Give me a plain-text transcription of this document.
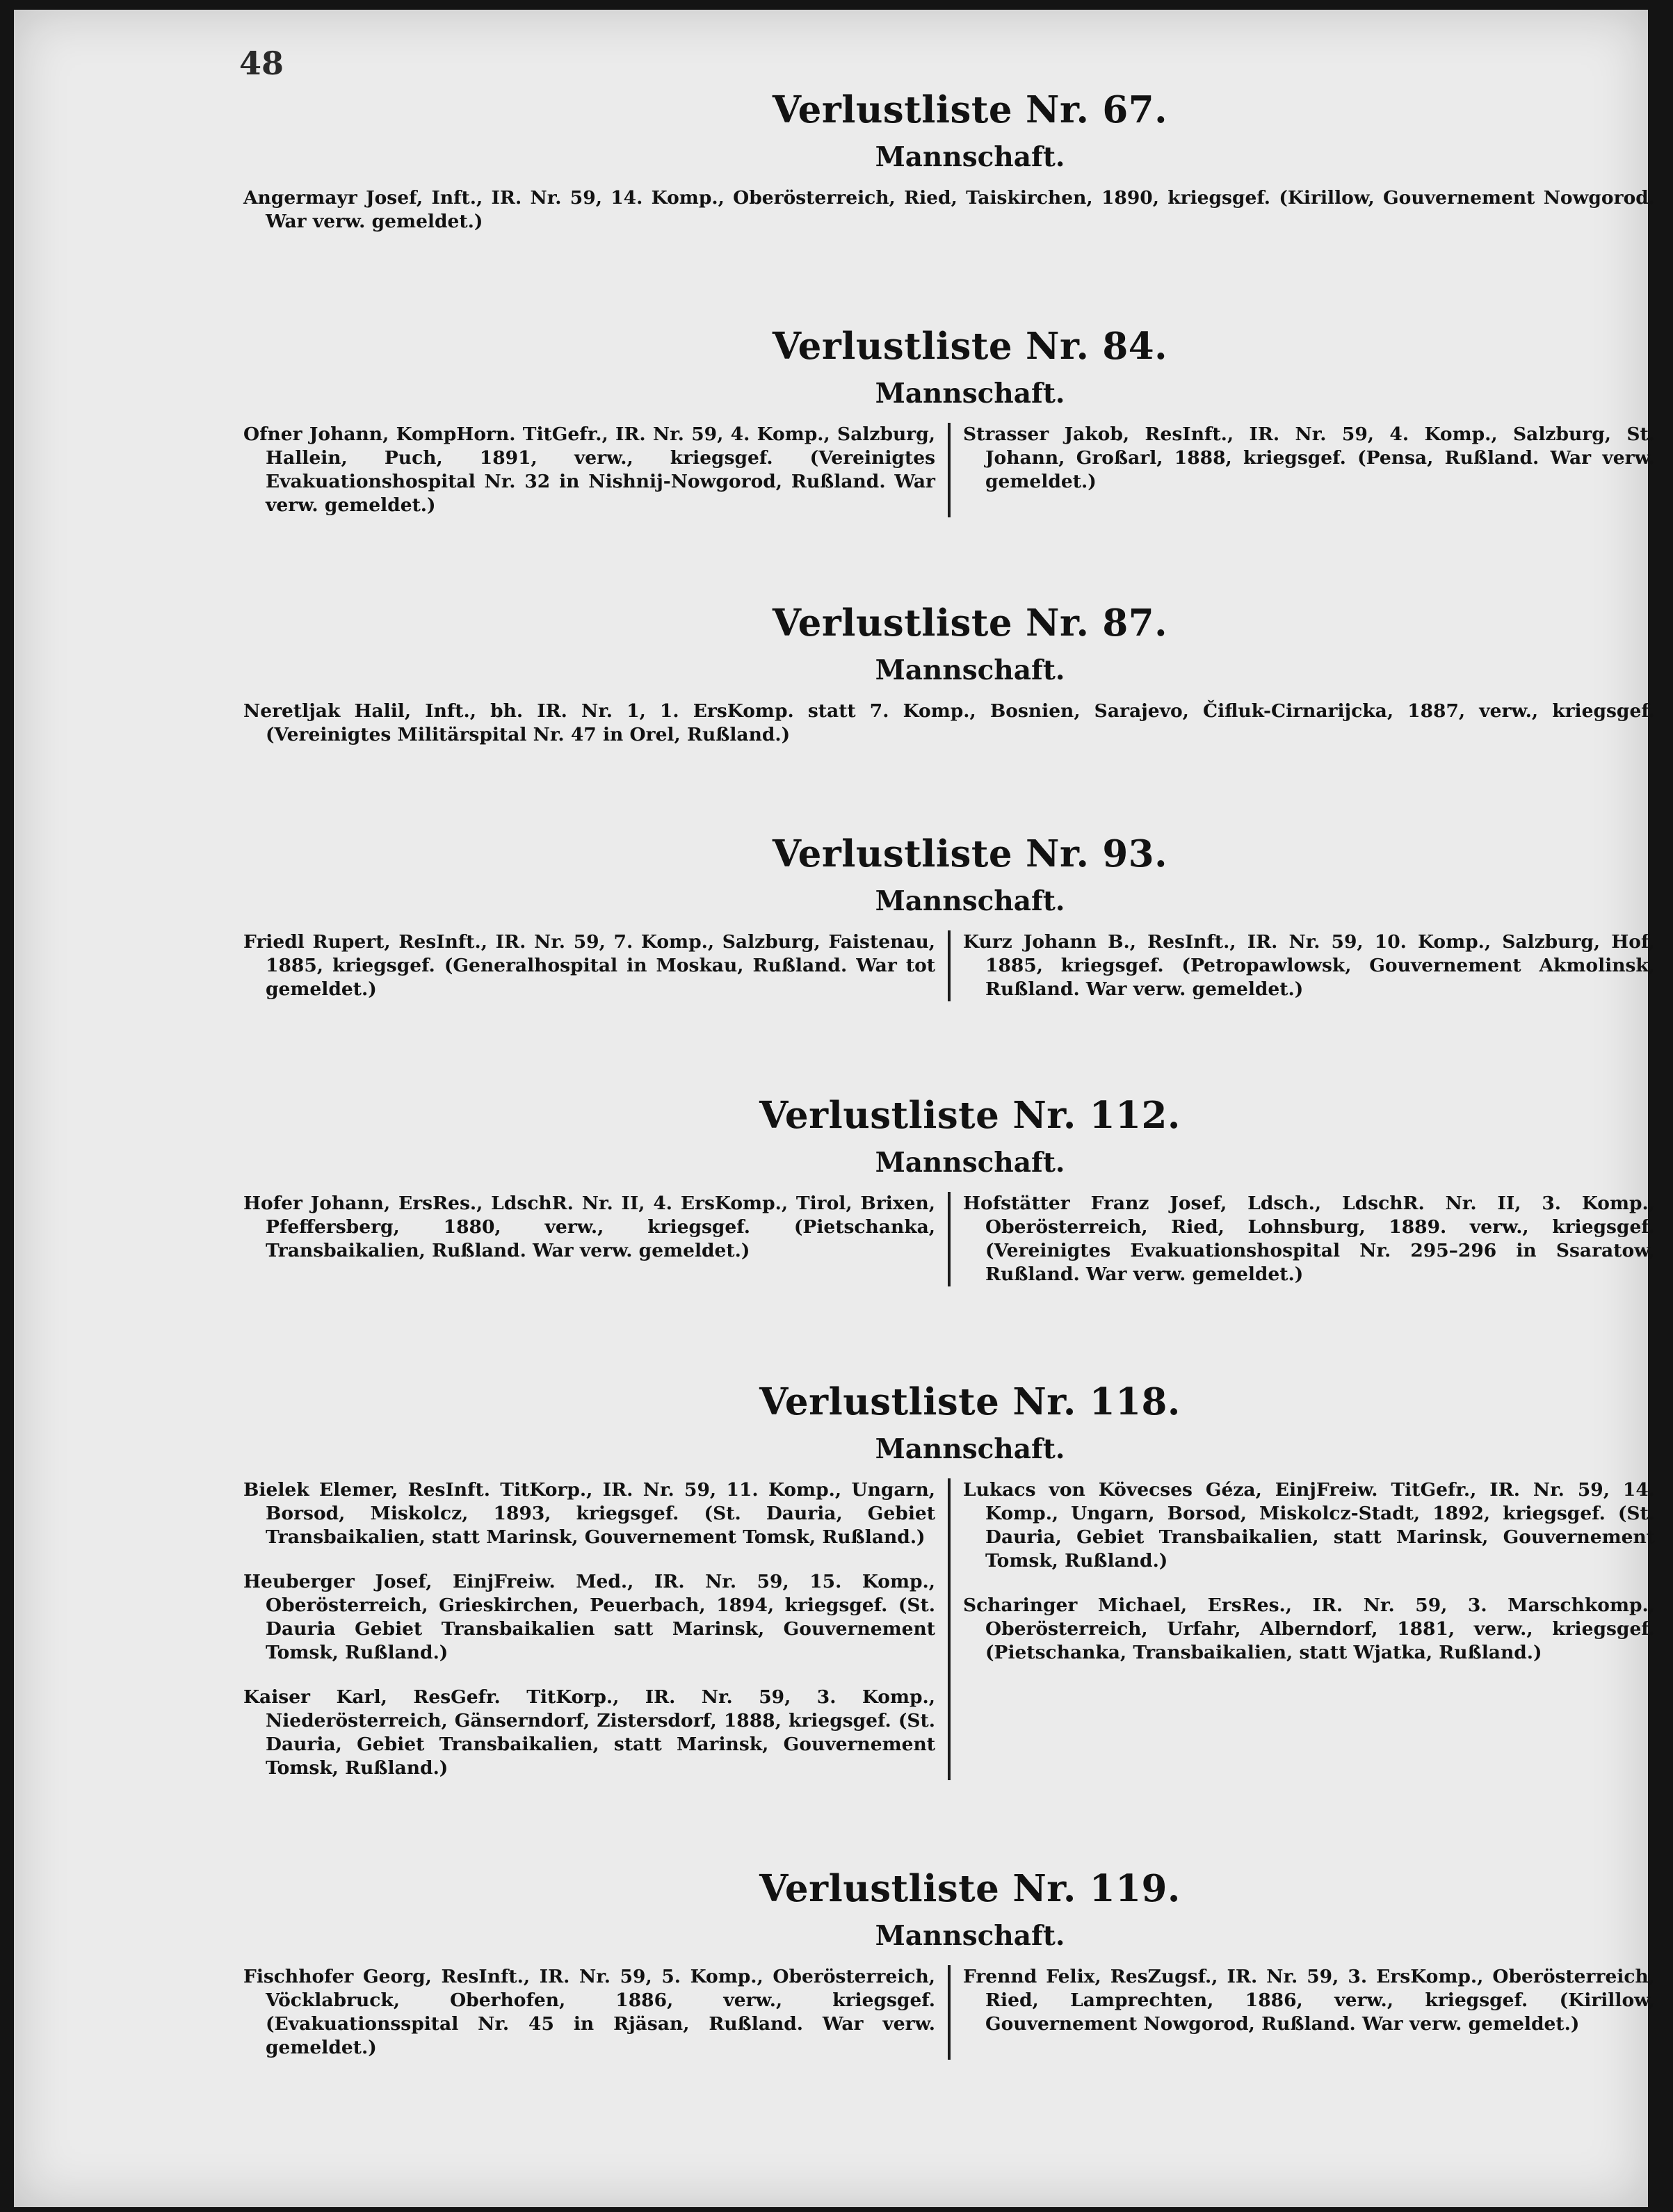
48
Verlustliste Nr. 67.
Mannschaft.

Angermayr Josef, Inft., IR. Nr. 59, 14. Komp., Oberösterreich, Ried, Taiskirchen, 1890, kriegsgef. (Kirillow, Gouvernement Nowgorod. War verw. gemeldet.)

Verlustliste Nr. 84.
Mannschaft.

Ofner Johann, KompHorn. TitGefr., IR. Nr. 59, 4. Komp., Salzburg, Hallein, Puch, 1891, verw., kriegsgef. (Vereinigtes Evakuationshospital Nr. 32 in Nishnij-Nowgorod, Rußland. War verw. gemeldet.)

Strasser Jakob, ResInft., IR. Nr. 59, 4. Komp., Salzburg, St. Johann, Großarl, 1888, kriegsgef. (Pensa, Rußland. War verw. gemeldet.)

Verlustliste Nr. 87.
Mannschaft.

Neretljak Halil, Inft., bh. IR. Nr. 1, 1. ErsKomp. statt 7. Komp., Bosnien, Sarajevo, Čifluk-Cirnarijcka, 1887, verw., kriegsgef. (Vereinigtes Militärspital Nr. 47 in Orel, Rußland.)

Verlustliste Nr. 93.
Mannschaft.

Friedl Rupert, ResInft., IR. Nr. 59, 7. Komp., Salzburg, Faistenau, 1885, kriegsgef. (Generalhospital in Moskau, Rußland. War tot gemeldet.)

Kurz Johann B., ResInft., IR. Nr. 59, 10. Komp., Salzburg, Hof, 1885, kriegsgef. (Petropawlowsk, Gouvernement Akmolinsk, Rußland. War verw. gemeldet.)

Verlustliste Nr. 112.
Mannschaft.

Hofer Johann, ErsRes., LdschR. Nr. II, 4. ErsKomp., Tirol, Brixen, Pfeffersberg, 1880, verw., kriegsgef. (Pietschanka, Transbaikalien, Rußland. War verw. gemeldet.)

Hofstätter Franz Josef, Ldsch., LdschR. Nr. II, 3. Komp., Oberösterreich, Ried, Lohnsburg, 1889. verw., kriegsgef. (Vereinigtes Evakuationshospital Nr. 295–296 in Ssaratow, Rußland. War verw. gemeldet.)

Verlustliste Nr. 118.
Mannschaft.

Bielek Elemer, ResInft. TitKorp., IR. Nr. 59, 11. Komp., Ungarn, Borsod, Miskolcz, 1893, kriegsgef. (St. Dauria, Gebiet Transbaikalien, statt Marinsk, Gouvernement Tomsk, Rußland.)

Heuberger Josef, EinjFreiw. Med., IR. Nr. 59, 15. Komp., Oberösterreich, Grieskirchen, Peuerbach, 1894, kriegsgef. (St. Dauria Gebiet Transbaikalien satt Marinsk, Gouvernement Tomsk, Rußland.)

Kaiser Karl, ResGefr. TitKorp., IR. Nr. 59, 3. Komp., Niederösterreich, Gänserndorf, Zistersdorf, 1888, kriegsgef. (St. Dauria, Gebiet Transbaikalien, statt Marinsk, Gouvernement Tomsk, Rußland.)

Lukacs von Kövecses Géza, EinjFreiw. TitGefr., IR. Nr. 59, 14. Komp., Ungarn, Borsod, Miskolcz-Stadt, 1892, kriegsgef. (St. Dauria, Gebiet Transbaikalien, statt Marinsk, Gouvernement Tomsk, Rußland.)

Scharinger Michael, ErsRes., IR. Nr. 59, 3. Marschkomp., Oberösterreich, Urfahr, Alberndorf, 1881, verw., kriegsgef. (Pietschanka, Transbaikalien, statt Wjatka, Rußland.)

Verlustliste Nr. 119.
Mannschaft.

Fischhofer Georg, ResInft., IR. Nr. 59, 5. Komp., Oberösterreich, Vöcklabruck, Oberhofen, 1886, verw., kriegsgef. (Evakuationsspital Nr. 45 in Rjäsan, Rußland. War verw. gemeldet.)

Frennd Felix, ResZugsf., IR. Nr. 59, 3. ErsKomp., Oberösterreich, Ried, Lamprechten, 1886, verw., kriegsgef. (Kirillow, Gouvernement Nowgorod, Rußland. War verw. gemeldet.)
